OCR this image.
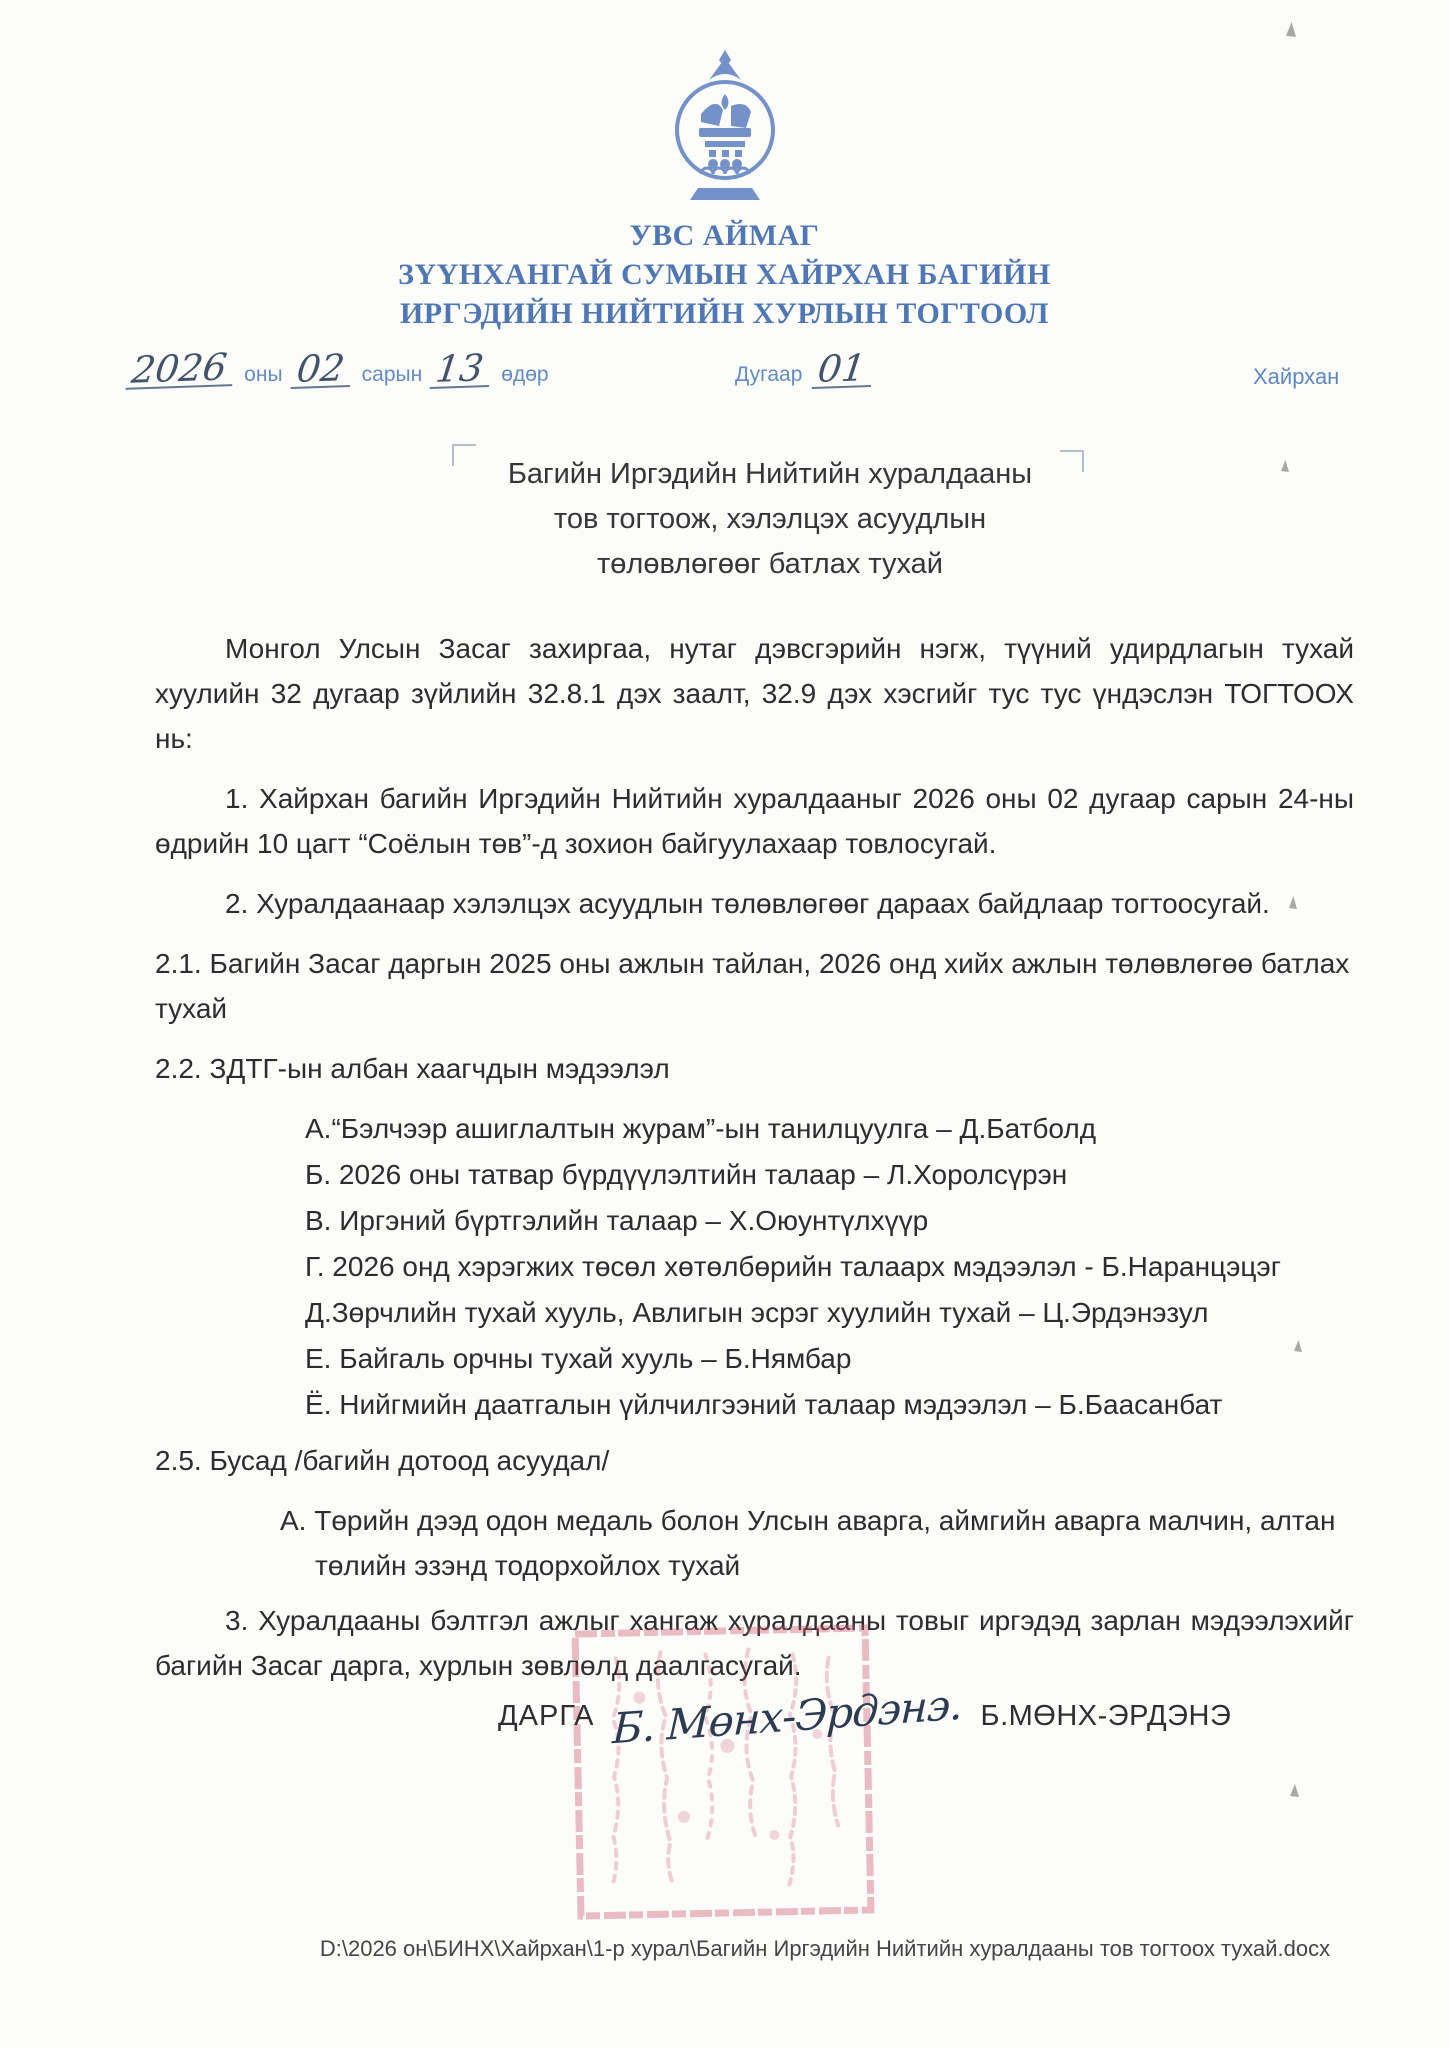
УВС АЙМАГ
ЗҮҮНХАНГАЙ СУМЫН ХАЙРХАН БАГИЙН
ИРГЭДИЙН НИЙТИЙН ХУРЛЫН ТОГТООЛ
2026 оны 02 сарын 13 өдөр	Дугаар 01	Хайрхан
Багийн Иргэдийн Нийтийн хуралдааны
тов тогтоож, хэлэлцэх асуудлын
төлөвлөгөөг батлах тухай

Монгол Улсын Засаг захиргаа, нутаг дэвсгэрийн нэгж, түүний удирдлагын тухай хуулийн 32 дугаар зүйлийн 32.8.1 дэх заалт, 32.9 дэх хэсгийг тус тус үндэслэн ТОГТООХ нь:

1. Хайрхан багийн Иргэдийн Нийтийн хуралдааныг 2026 оны 02 дугаар сарын 24-ны өдрийн 10 цагт “Соёлын төв”-д зохион байгуулахаар товлосугай.

2. Хуралдаанаар хэлэлцэх асуудлын төлөвлөгөөг дараах байдлаар тогтоосугай.

2.1. Багийн Засаг даргын 2025 оны ажлын тайлан, 2026 онд хийх ажлын төлөвлөгөө батлах тухай

2.2. ЗДТГ-ын албан хаагчдын мэдээлэл

А.“Бэлчээр ашиглалтын журам”-ын танилцуулга – Д.Батболд
Б. 2026 оны татвар бүрдүүлэлтийн талаар – Л.Хоролсүрэн
В. Иргэний бүртгэлийн талаар – Х.Оюунтүлхүүр
Г. 2026 онд хэрэгжих төсөл хөтөлбөрийн талаарх мэдээлэл - Б.Наранцэцэг
Д.Зөрчлийн тухай хууль, Авлигын эсрэг хуулийн тухай – Ц.Эрдэнэзул
Е. Байгаль орчны тухай хууль – Б.Нямбар
Ё. Нийгмийн даатгалын үйлчилгээний талаар мэдээлэл – Б.Баасанбат

2.5. Бусад /багийн дотоод асуудал/

А. Төрийн дээд одон медаль болон Улсын аварга, аймгийн аварга малчин, алтан төлийн эзэнд тодорхойлох тухай

3. Хуралдааны бэлтгэл ажлыг хангаж хуралдааны товыг иргэдэд зарлан мэдээлэхийг багийн Засаг дарга, хурлын зөвлөлд даалгасугай.

ДАРГА Б. Мөнх-Эрдэнэ. Б.МӨНХ-ЭРДЭНЭ
D:\2026 он\БИНХ\Хайрхан\1-р хурал\Багийн Иргэдийн Нийтийн хуралдааны тов тогтоох тухай.docx
